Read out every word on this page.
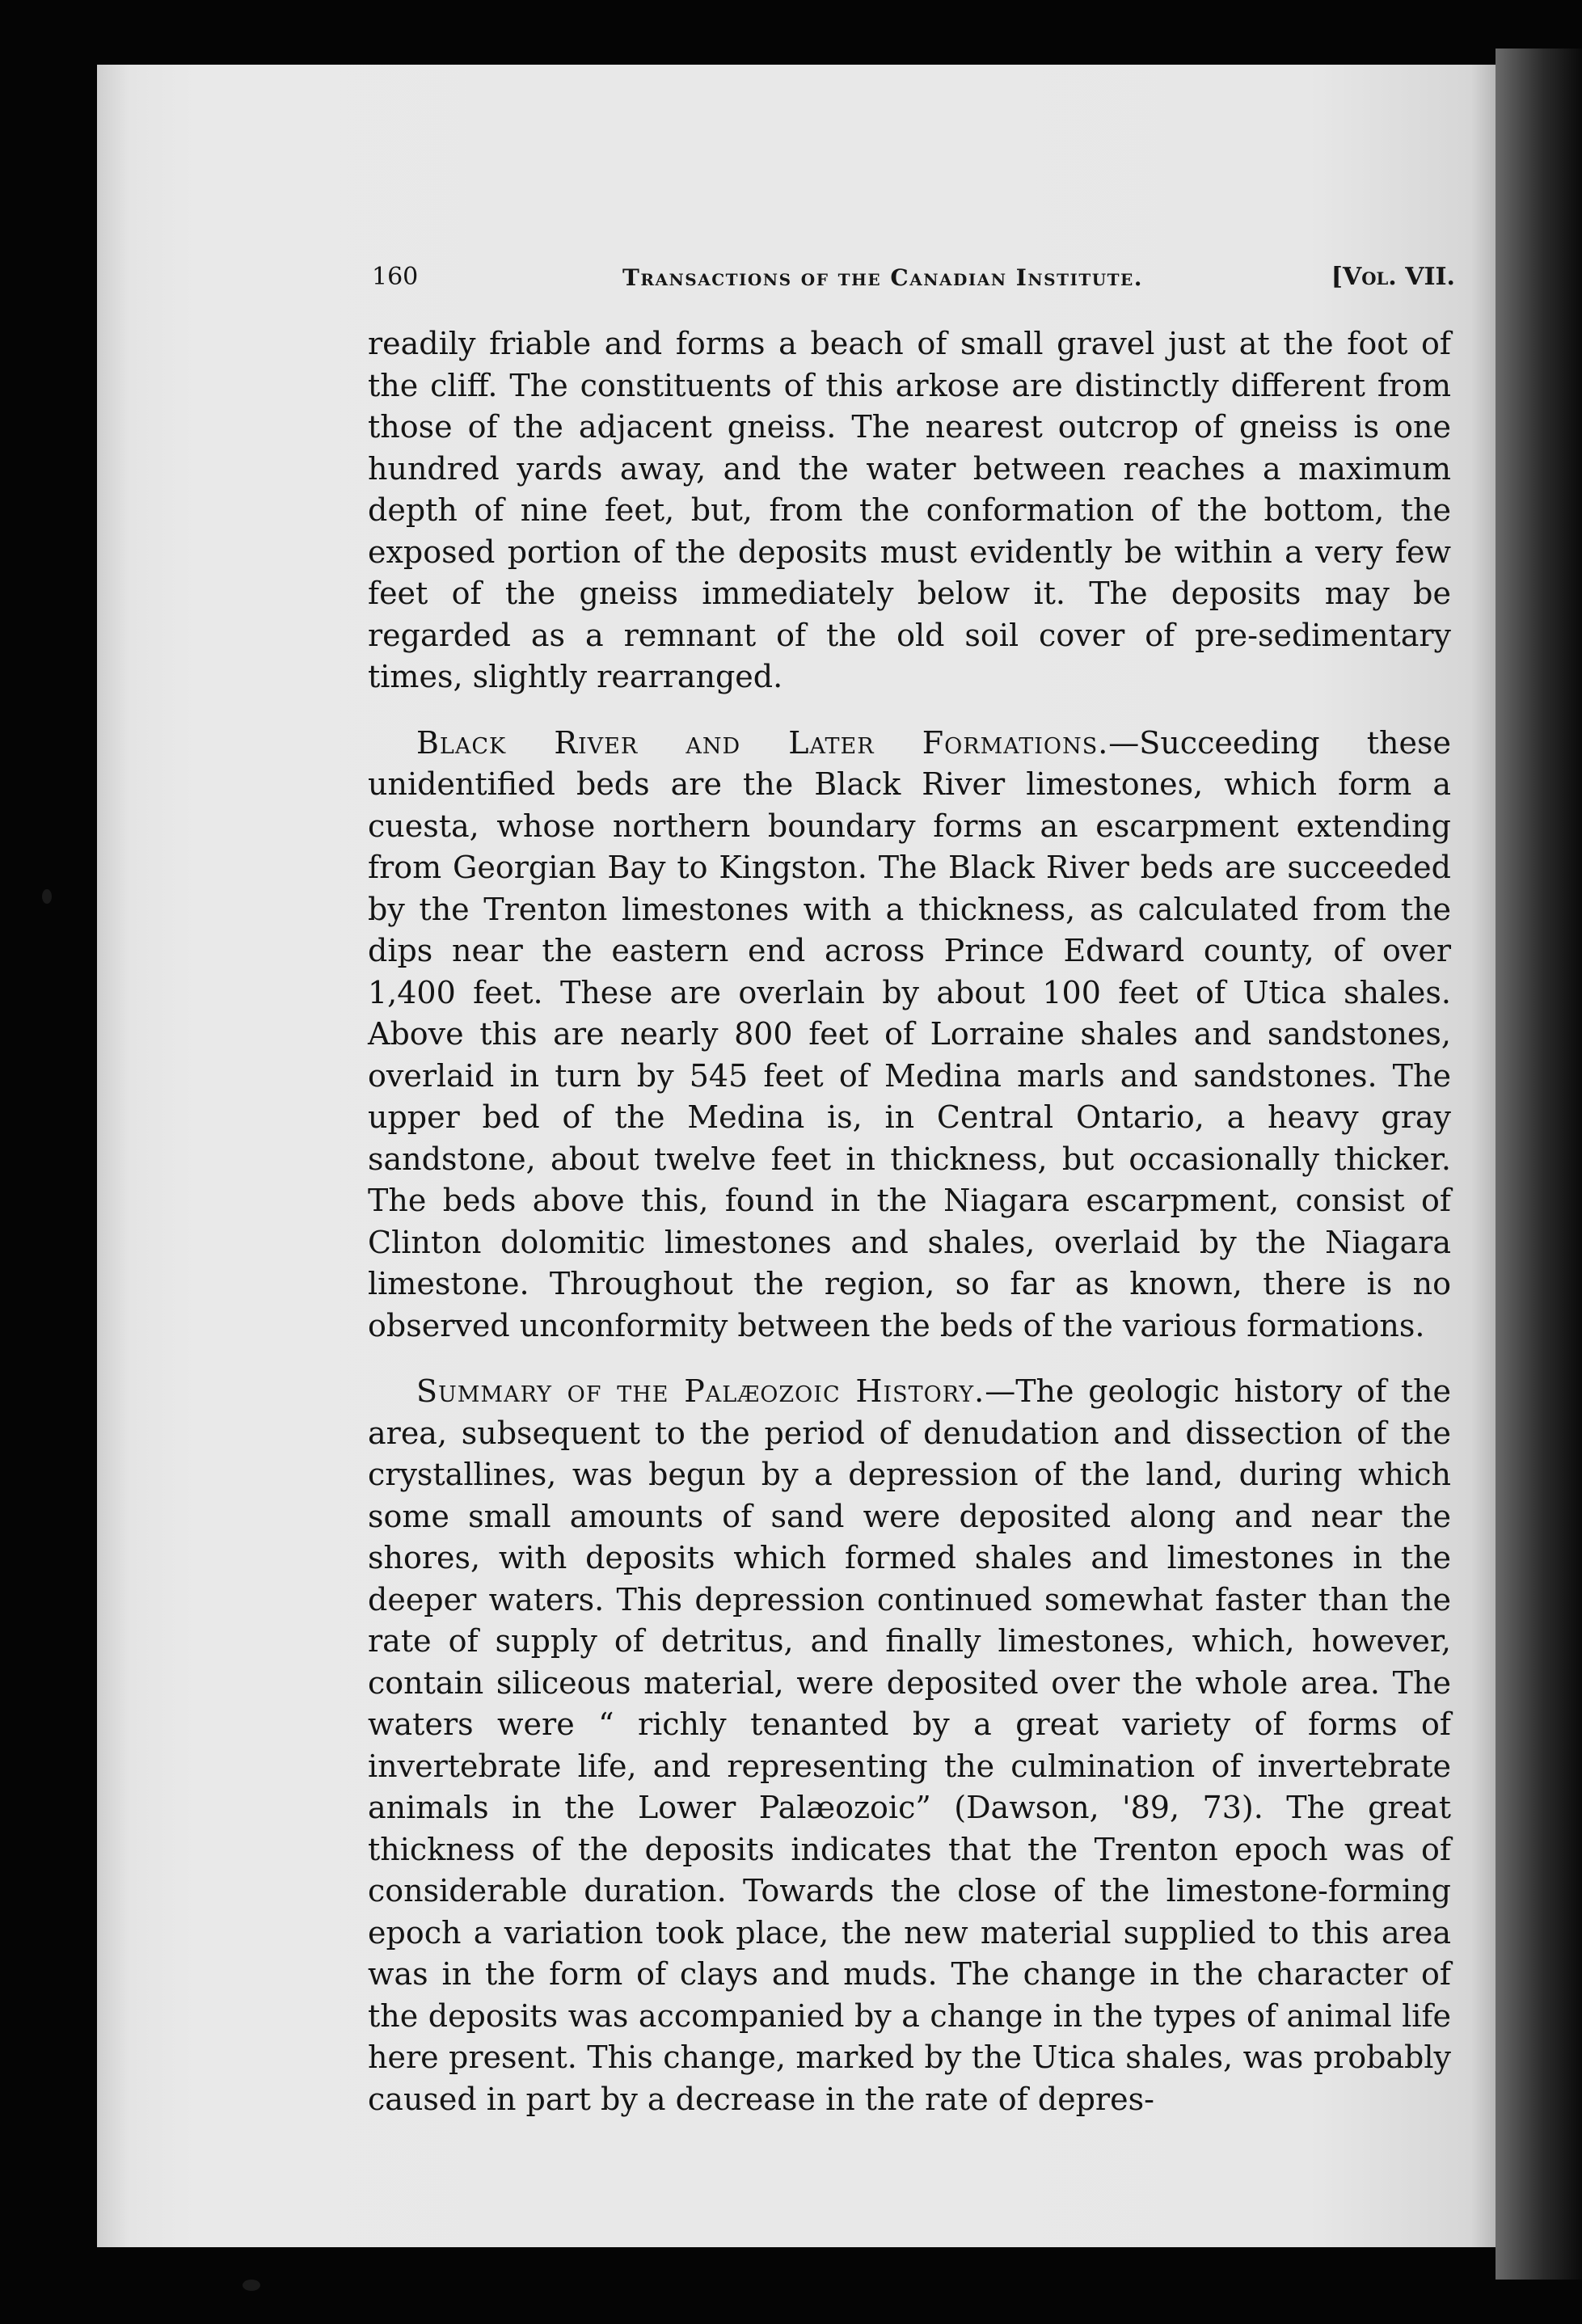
160	Transactions of the Canadian Institute.	[Vol. VII.

readily friable and forms a beach of small gravel just at the foot of the cliff. The constituents of this arkose are distinctly different from those of the adjacent gneiss. The nearest outcrop of gneiss is one hundred yards away, and the water between reaches a maximum depth of nine feet, but, from the conformation of the bottom, the exposed portion of the deposits must evidently be within a very few feet of the gneiss immediately below it. The deposits may be regarded as a remnant of the old soil cover of pre-sedimentary times, slightly rearranged.

Black River and Later Formations.—Succeeding these unidentified beds are the Black River limestones, which form a cuesta, whose northern boundary forms an escarpment extending from Georgian Bay to Kingston. The Black River beds are succeeded by the Trenton limestones with a thickness, as calculated from the dips near the eastern end across Prince Edward county, of over 1,400 feet. These are overlain by about 100 feet of Utica shales. Above this are nearly 800 feet of Lorraine shales and sandstones, overlaid in turn by 545 feet of Medina marls and sandstones. The upper bed of the Medina is, in Central Ontario, a heavy gray sandstone, about twelve feet in thickness, but occasionally thicker. The beds above this, found in the Niagara escarpment, consist of Clinton dolomitic limestones and shales, overlaid by the Niagara limestone. Throughout the region, so far as known, there is no observed unconformity between the beds of the various formations.

Summary of the Palæozoic History.—The geologic history of the area, subsequent to the period of denudation and dissection of the crystallines, was begun by a depression of the land, during which some small amounts of sand were deposited along and near the shores, with deposits which formed shales and limestones in the deeper waters. This depression continued somewhat faster than the rate of supply of detritus, and finally limestones, which, however, contain siliceous material, were deposited over the whole area. The waters were “ richly tenanted by a great variety of forms of invertebrate life, and representing the culmination of invertebrate animals in the Lower Palæozoic” (Dawson, '89, 73). The great thickness of the deposits indicates that the Trenton epoch was of considerable duration. Towards the close of the limestone-forming epoch a variation took place, the new material supplied to this area was in the form of clays and muds. The change in the character of the deposits was accompanied by a change in the types of animal life here present. This change, marked by the Utica shales, was probably caused in part by a decrease in the rate of depres-
